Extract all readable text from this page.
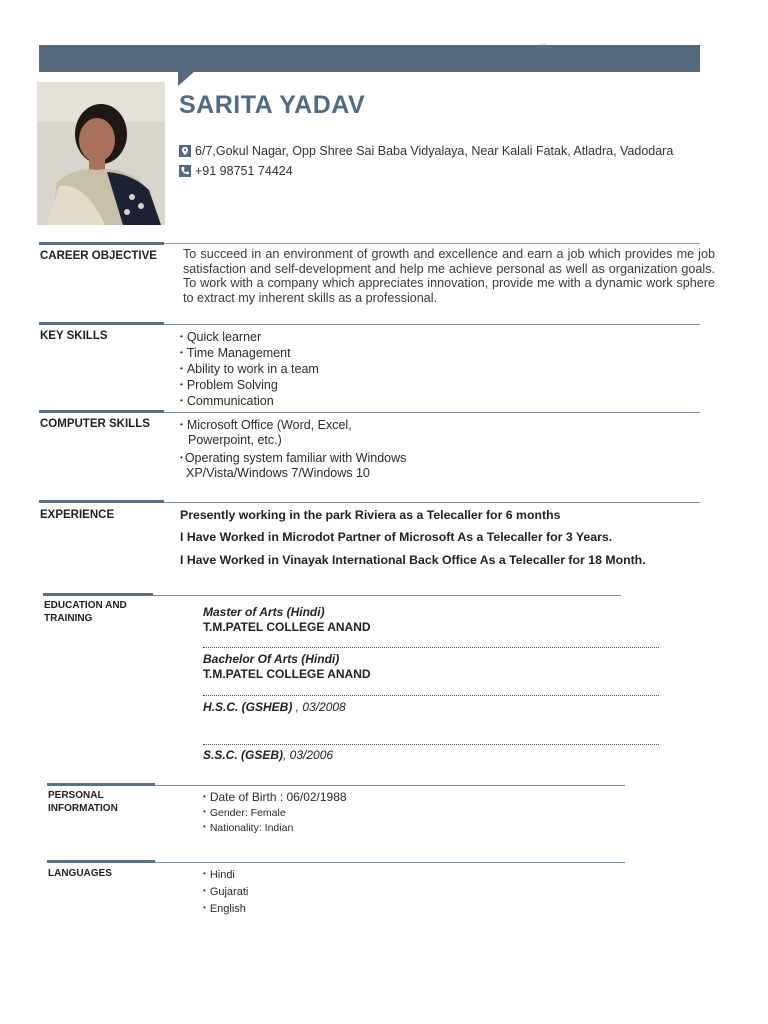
⌄
SARITA YADAV
6/7,Gokul Nagar, Opp Shree Sai Baba Vidyalaya, Near Kalali Fatak, Atladra, Vadodara
+91 98751 74424
CAREER OBJECTIVE To succeed in an environment of growth and excellence and earn a job which provides me job satisfaction and self-development and help me achieve personal as well as organization goals. To work with a company which appreciates innovation, provide me with a dynamic work sphere to extract my inherent skills as a professional.
KEY SKILLS	• Quick learner
• Time Management
• Ability to work in a team
• Problem Solving
• Communication
COMPUTER SKILLS	• Microsoft Office (Word, Excel,
Powerpoint, etc.)
• Operating system familiar with Windows
XP/Vista/Windows 7/Windows 10
EXPERIENCE	Presently working in the park Riviera as a Telecaller for 6 months
I Have Worked in Microdot Partner of Microsoft As a Telecaller for 3 Years.
I Have Worked in Vinayak International Back Office As a Telecaller for 18 Month.
EDUCATION AND
TRAINING	Master of Arts (Hindi)
T.M.PATEL COLLEGE ANAND
Bachelor Of Arts (Hindi)
T.M.PATEL COLLEGE ANAND
H.S.C. (GSHEB) , 03/2008
S.S.C. (GSEB), 03/2006
PERSONAL
INFORMATION
• Date of Birth : 06/02/1988
• Gender: Female
• Nationality: Indian
LANGUAGES	• Hindi
• Gujarati
• English
